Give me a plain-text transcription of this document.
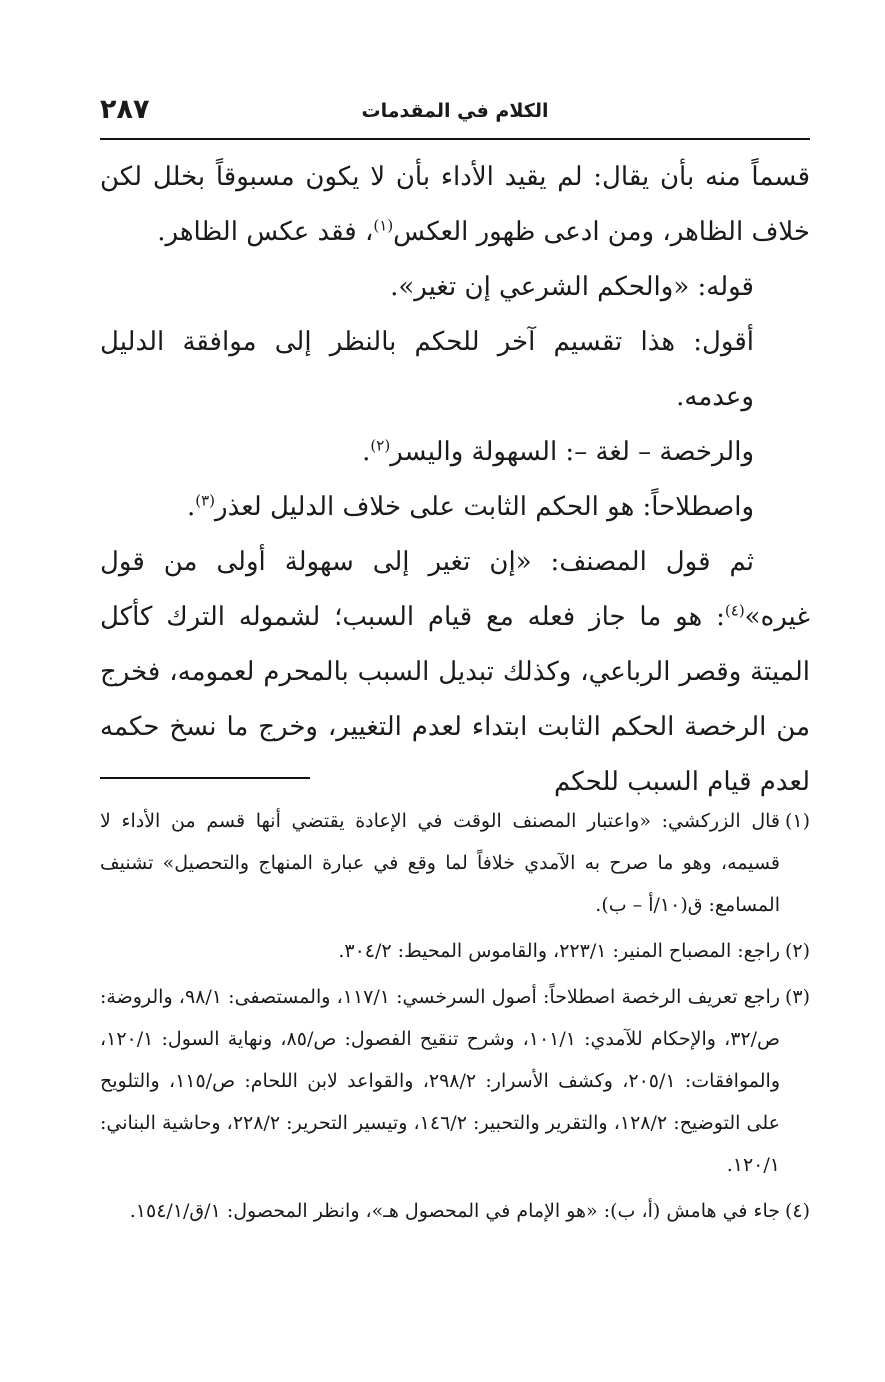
الكلام في المقدمات
٢٨٧

قسماً منه بأن يقال: لم يقيد الأداء بأن لا يكون مسبوقاً بخلل لكن خلاف الظاهر، ومن ادعى ظهور العكس$^{(١)}$، فقد عكس الظاهر.

قوله: «والحكم الشرعي إن تغير».

أقول: هذا تقسيم آخر للحكم بالنظر إلى موافقة الدليل وعدمه.

والرخصة – لغة –: السهولة واليسر$^{(٢)}$.

واصطلاحاً: هو الحكم الثابت على خلاف الدليل لعذر$^{(٣)}$.

ثم قول المصنف: «إن تغير إلى سهولة أولى من قول غيره»$^{(٤)}$: هو ما جاز فعله مع قيام السبب؛ لشموله الترك كأكل الميتة وقصر الرباعي، وكذلك تبديل السبب بالمحرم لعمومه، فخرج من الرخصة الحكم الثابت ابتداء لعدم التغيير، وخرج ما نسخ حكمه لعدم قيام السبب للحكم

(١)
قال الزركشي: «واعتبار المصنف الوقت في الإعادة يقتضي أنها قسم من الأداء لا قسيمه، وهو ما صرح به الآمدي خلافاً لما وقع في عبارة المنهاج والتحصيل» تشنيف المسامع: ق(١٠/أ – ب).

(٢)
راجع: المصباح المنير: ٢٢٣/١، والقاموس المحيط: ٣٠٤/٢.

(٣)
راجع تعريف الرخصة اصطلاحاً: أصول السرخسي: ١١٧/١، والمستصفى: ٩٨/١، والروضة: ص/٣٢، والإحكام للآمدي: ١٠١/١، وشرح تنقيح الفصول: ص/٨٥، ونهاية السول: ١٢٠/١، والموافقات: ٢٠٥/١، وكشف الأسرار: ٢٩٨/٢، والقواعد لابن اللحام: ص/١١٥، والتلويح على التوضيح: ١٢٨/٢، والتقرير والتحبير: ١٤٦/٢، وتيسير التحرير: ٢٢٨/٢، وحاشية البناني: ١٢٠/١.

(٤)
جاء في هامش (أ، ب): «هو الإمام في المحصول هـ»، وانظر المحصول: ١/ق/١٥٤/١.
